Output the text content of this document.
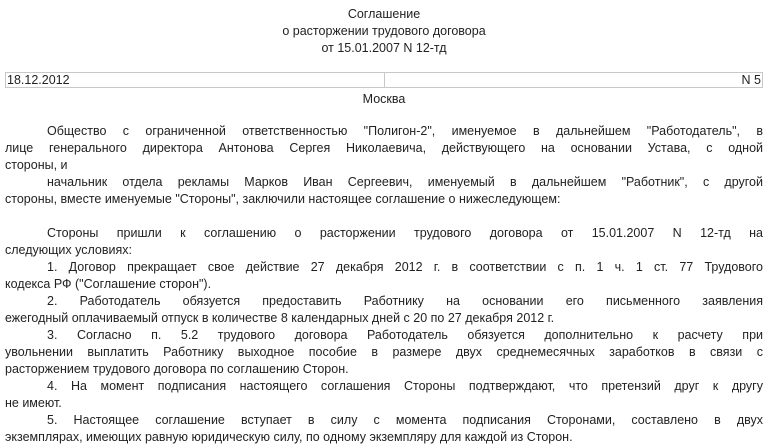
Соглашение
о расторжении трудового договора
от 15.01.2007 N 12-тд
18.12.2012	N 5
Москва
Общество с ограниченной ответственностью "Полигон-2", именуемое в дальнейшем "Работодатель", в
лице генерального директора Антонова Сергея Николаевича, действующего на основании Устава, с одной
стороны, и
начальник отдела рекламы Марков Иван Сергеевич, именуемый в дальнейшем "Работник", с другой
стороны, вместе именуемые "Стороны", заключили настоящее соглашение о нижеследующем:
Стороны пришли к соглашению о расторжении трудового договора от 15.01.2007 N 12-тд на
следующих условиях:
1. Договор прекращает свое действие 27 декабря 2012 г. в соответствии с п. 1 ч. 1 ст. 77 Трудового
кодекса РФ ("Соглашение сторон").
2. Работодатель обязуется предоставить Работнику на основании его письменного заявления
ежегодный оплачиваемый отпуск в количестве 8 календарных дней с 20 по 27 декабря 2012 г.
3. Согласно п. 5.2 трудового договора Работодатель обязуется дополнительно к расчету при
увольнении выплатить Работнику выходное пособие в размере двух среднемесячных заработков в связи с
расторжением трудового договора по соглашению Сторон.
4. На момент подписания настоящего соглашения Стороны подтверждают, что претензий друг к другу
не имеют.
5. Настоящее соглашение вступает в силу с момента подписания Сторонами, составлено в двух
экземплярах, имеющих равную юридическую силу, по одному экземпляру для каждой из Сторон.
